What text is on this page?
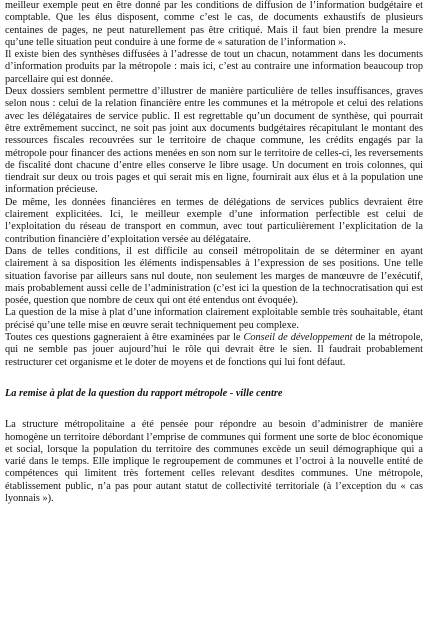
meilleur exemple peut en être donné par les conditions de diffusion de l’information budgétaire et comptable. Que les élus disposent, comme c’est le cas, de documents exhaustifs de plusieurs centaines de pages, ne peut naturellement pas être critiqué. Mais il faut bien prendre la mesure qu’une telle situation peut conduire à une forme de « saturation de l’information ».

Il existe bien des synthèses diffusées à l’adresse de tout un chacun, notamment dans les documents d’information produits par la métropole : mais ici, c’est au contraire une information beaucoup trop parcellaire qui est donnée.

Deux dossiers semblent permettre d’illustrer de manière particulière de telles insuffisances, graves selon nous : celui de la relation financière entre les communes et la métropole et celui des relations avec les délégataires de service public. Il est regrettable qu’un document de synthèse, qui pourrait être extrêmement succinct, ne soit pas joint aux documents budgétaires récapitulant le montant des ressources fiscales recouvrées sur le territoire de chaque commune, les crédits engagés par la métropole pour financer des actions menées en son nom sur le territoire de celles-ci, les reversements de fiscalité dont chacune d’entre elles conserve le libre usage. Un document en trois colonnes, qui tiendrait sur deux ou trois pages et qui serait mis en ligne, fournirait aux élus et à la population une information précieuse.

De même, les données financières en termes de délégations de services publics devraient être clairement explicitées. Ici, le meilleur exemple d’une information perfectible est celui de l’exploitation du réseau de transport en commun, avec tout particulièrement l’explicitation de la contribution financière d’exploitation versée au délégataire.

Dans de telles conditions, il est difficile au conseil métropolitain de se déterminer en ayant clairement à sa disposition les éléments indispensables à l’expression de ses positions. Une telle situation favorise par ailleurs sans nul doute, non seulement les marges de manœuvre de l’exécutif, mais probablement aussi celle de l’administration (c’est ici la question de la technocratisation qui est posée, question que nombre de ceux qui ont été entendus ont évoquée).

La question de la mise à plat d’une information clairement exploitable semble très souhaitable, étant précisé qu’une telle mise en œuvre serait techniquement peu complexe.

Toutes ces questions gagneraient à être examinées par le Conseil de développement de la métropole, qui ne semble pas jouer aujourd’hui le rôle qui devrait être le sien. Il faudrait probablement restructurer cet organisme et le doter de moyens et de fonctions qui lui font défaut.

La remise à plat de la question du rapport métropole - ville centre

La structure métropolitaine a été pensée pour répondre au besoin d’administrer de manière homogène un territoire débordant l’emprise de communes qui forment une sorte de bloc économique et social, lorsque la population du territoire des communes excède un seuil démographique qui a varié dans le temps. Elle implique le regroupement de communes et l’octroi à la nouvelle entité de compétences qui limitent très fortement celles relevant desdites communes. Une métropole, établissement public, n’a pas pour autant statut de collectivité territoriale (à l’exception du « cas lyonnais »).
